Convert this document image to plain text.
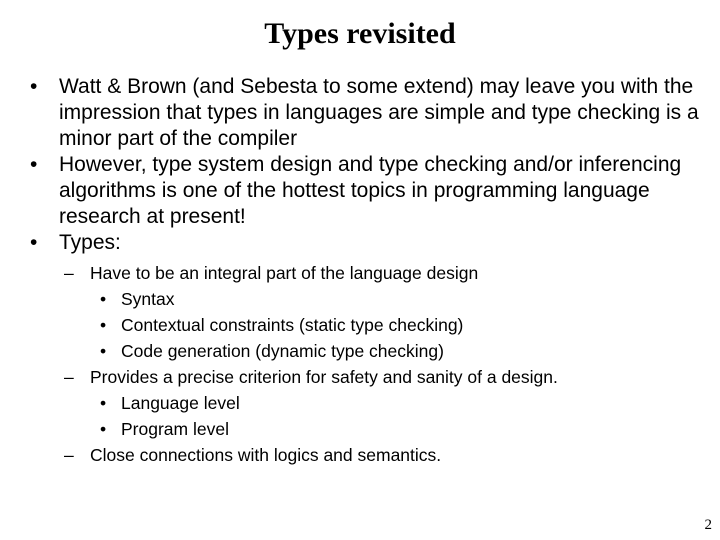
Types revisited
•	Watt & Brown (and Sebesta to some extend) may leave you with the impression that types in languages are simple and type checking is a minor part of the compiler
•	However, type system design and type checking and/or inferencing algorithms is one of the hottest topics in programming language research at present!
•	Types:
– Have to be an integral part of the language design
• Syntax
• Contextual constraints (static type checking)
• Code generation (dynamic type checking)
– Provides a precise criterion for safety and sanity of a design.
• Language level
• Program level
– Close connections with logics and semantics.
2
